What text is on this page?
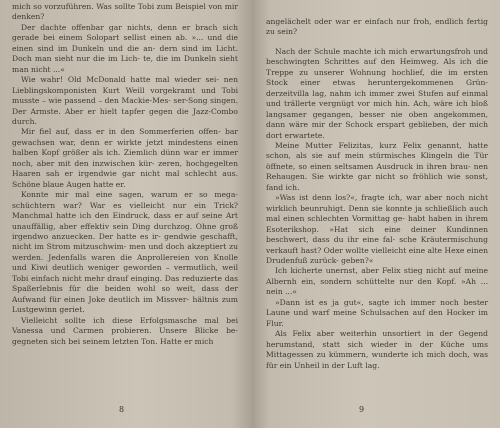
mich so vorzuführen. Was sollte Tobi zum Beispiel von mir denken?

Der dachte offenbar gar nichts, denn er brach sich gerade bei einem Solopart sellist einen ab. »... und die einen sind im Dunkeln und die an- dern sind im Licht. Doch man sieht nur die im Lich- te, die im Dunkeln sieht man nicht ...«

Wie wahr! Old McDonald hatte mal wieder sei- nen Lieblingskomponisten Kurt Weill vorgekramt und Tobi musste – wie passend – den Mackie-Mes- ser-Song singen. Der Armste. Aber er hielt tapfer gegen die Jazz-Combo durch.

Mir fiel auf, dass er in den Sommerferien offen- bar gewachsen war, denn er wirkte jetzt mindestens einen halben Kopf größer als ich. Ziemlich dünn war er immer noch, aber mit den inzwischen kür- zeren, hochgegelten Haaren sah er irgendwie gar nicht mal schlecht aus. Schöne blaue Augen hatte er.

Konnte mir mal eine sagen, warum er so mega- schüchtern war? War es vielleicht nur ein Trick? Manchmal hatte ich den Eindruck, dass er auf seine Art unauffällig, aber effektiv sein Ding durchzog. Ohne groß irgendwo anzuecken. Der hatte es ir- gendwie geschafft, nicht im Strom mitzuschwim- men und doch akzeptiert zu werden. Jedenfalls waren die Anprollereien von Knolle und Kiwi deutlich weniger geworden – vermutlich, weil Tobi einfach nicht mehr drauf einging. Das reduzierte das Spaßerlebnis für die beiden wohl so weit, dass der Aufwand für einen Joke deutlich im Missver- hältnis zum Lustgewinn geriet.

Vielleicht sollte ich diese Erfolgsmasche mal bei Vanessa und Carmen probieren. Unsere Blicke be- gegneten sich bei seinem letzten Ton. Hatte er mich

8

angelächelt oder war er einfach nur froh, endlich fertig zu sein?

Nach der Schule machte ich mich erwartungsfroh und beschwingten Schrittes auf den Heimweg. Als ich die Treppe zu unserer Wohnung hochlief, die im ersten Stock einer etwas heruntergekommenen Grün- derzeitvilla lag, nahm ich immer zwei Stufen auf einmal und trällerte vergnügt vor mich hin. Ach, wäre ich bloß langsamer gegangen, besser nie oben angekommen, dann wäre mir der Schock erspart geblieben, der mich dort erwartete.

Meine Mutter Felizitas, kurz Felix genannt, hatte schon, als sie auf mein stürmisches Klingeln die Tür öffnete, so einen seltsamen Ausdruck in ihren brau- nen Rehaugen. Sie wirkte gar nicht so fröhlich wie sonst, fand ich.

»Was ist denn los?«, fragte ich, war aber noch nicht wirklich beunruhigt. Denn sie konnte ja schließlich auch mal einen schlechten Vormittag ge- habt haben in ihrem Esoterikshop. »Hat sich eine deiner Kundinnen beschwert, dass du ihr eine fal- sche Kräutermischung verkauft hast? Oder wollte vielleicht eine alte Hexe einen Drudenfuß zurück- geben?«

Ich kicherte unernst, aber Felix stieg nicht auf meine Albernh ein, sondern schüttelte nur den Kopf. »Ah ... nein ...«

»Dann ist es ja gut«, sagte ich immer noch bester Laune und warf meine Schulsachen auf den Hocker im Flur.

Als Felix aber weiterhin unsortiert in der Gegend herumstand, statt sich wieder in der Küche ums Mittagessen zu kümmern, wunderte ich mich doch, was für ein Unheil in der Luft lag.

9
